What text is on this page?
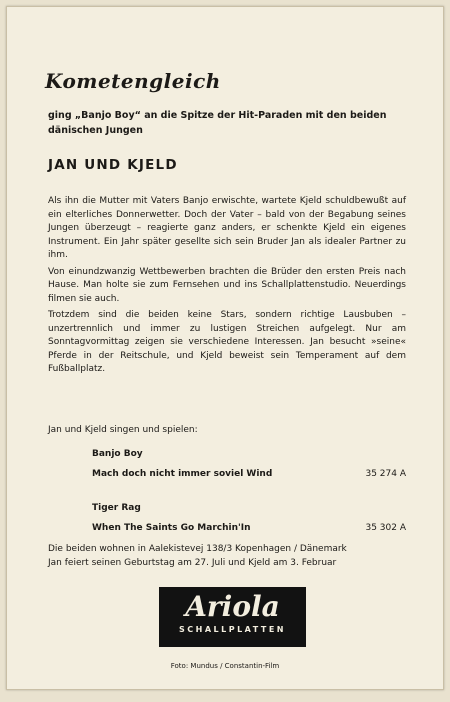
Kometengleich

ging „Banjo Boy“ an die Spitze der Hit-Paraden mit den beiden dänischen Jungen

JAN UND KJELD

Als ihn die Mutter mit Vaters Banjo erwischte, wartete Kjeld schuldbewußt auf ein elterliches Donnerwetter. Doch der Vater – bald von der Begabung seines Jungen überzeugt – reagierte ganz anders, er schenkte Kjeld ein eigenes Instrument. Ein Jahr später gesellte sich sein Bruder Jan als idealer Partner zu ihm.

Von einundzwanzig Wettbewerben brachten die Brüder den ersten Preis nach Hause. Man holte sie zum Fernsehen und ins Schallplattenstudio. Neuerdings filmen sie auch.

Trotzdem sind die beiden keine Stars, sondern richtige Lausbuben – unzertrennlich und immer zu lustigen Streichen aufgelegt. Nur am Sonntagvormittag zeigen sie verschiedene Interessen. Jan besucht »seine« Pferde in der Reitschule, und Kjeld beweist sein Temperament auf dem Fußballplatz.

Jan und Kjeld singen und spielen:

Banjo Boy
Mach doch nicht immer soviel Wind	35 274 A
Tiger Rag
When The Saints Go Marchin'In	35 302 A
Die beiden wohnen in Aalekistevej 138/3 Kopenhagen / Dänemark
Jan feiert seinen Geburtstag am 27. Juli und Kjeld am 3. Februar
Ariola
SCHALLPLATTEN
Foto: Mundus / Constantin-Film
